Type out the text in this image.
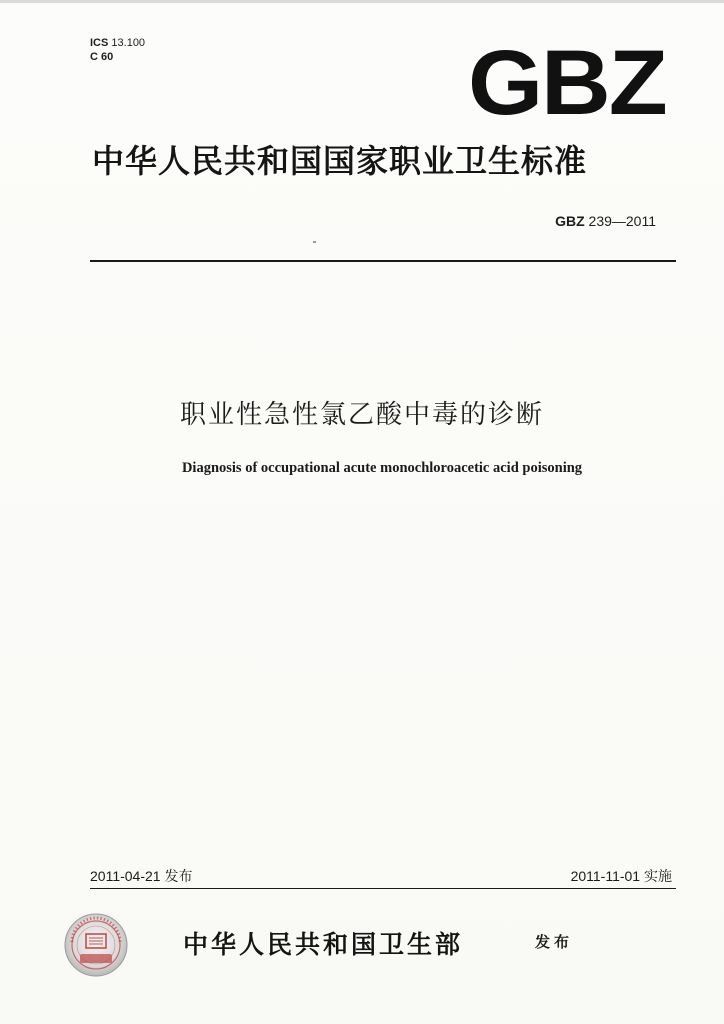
ICS 13.100
C 60	GBZ
中华人民共和国国家职业卫生标准
GBZ 239—2011
职业性急性氯乙酸中毒的诊断
Diagnosis of occupational acute monochloroacetic acid poisoning
2011-04-21 发布	2011-11-01 实施
中华人民共和国卫生部	发布
